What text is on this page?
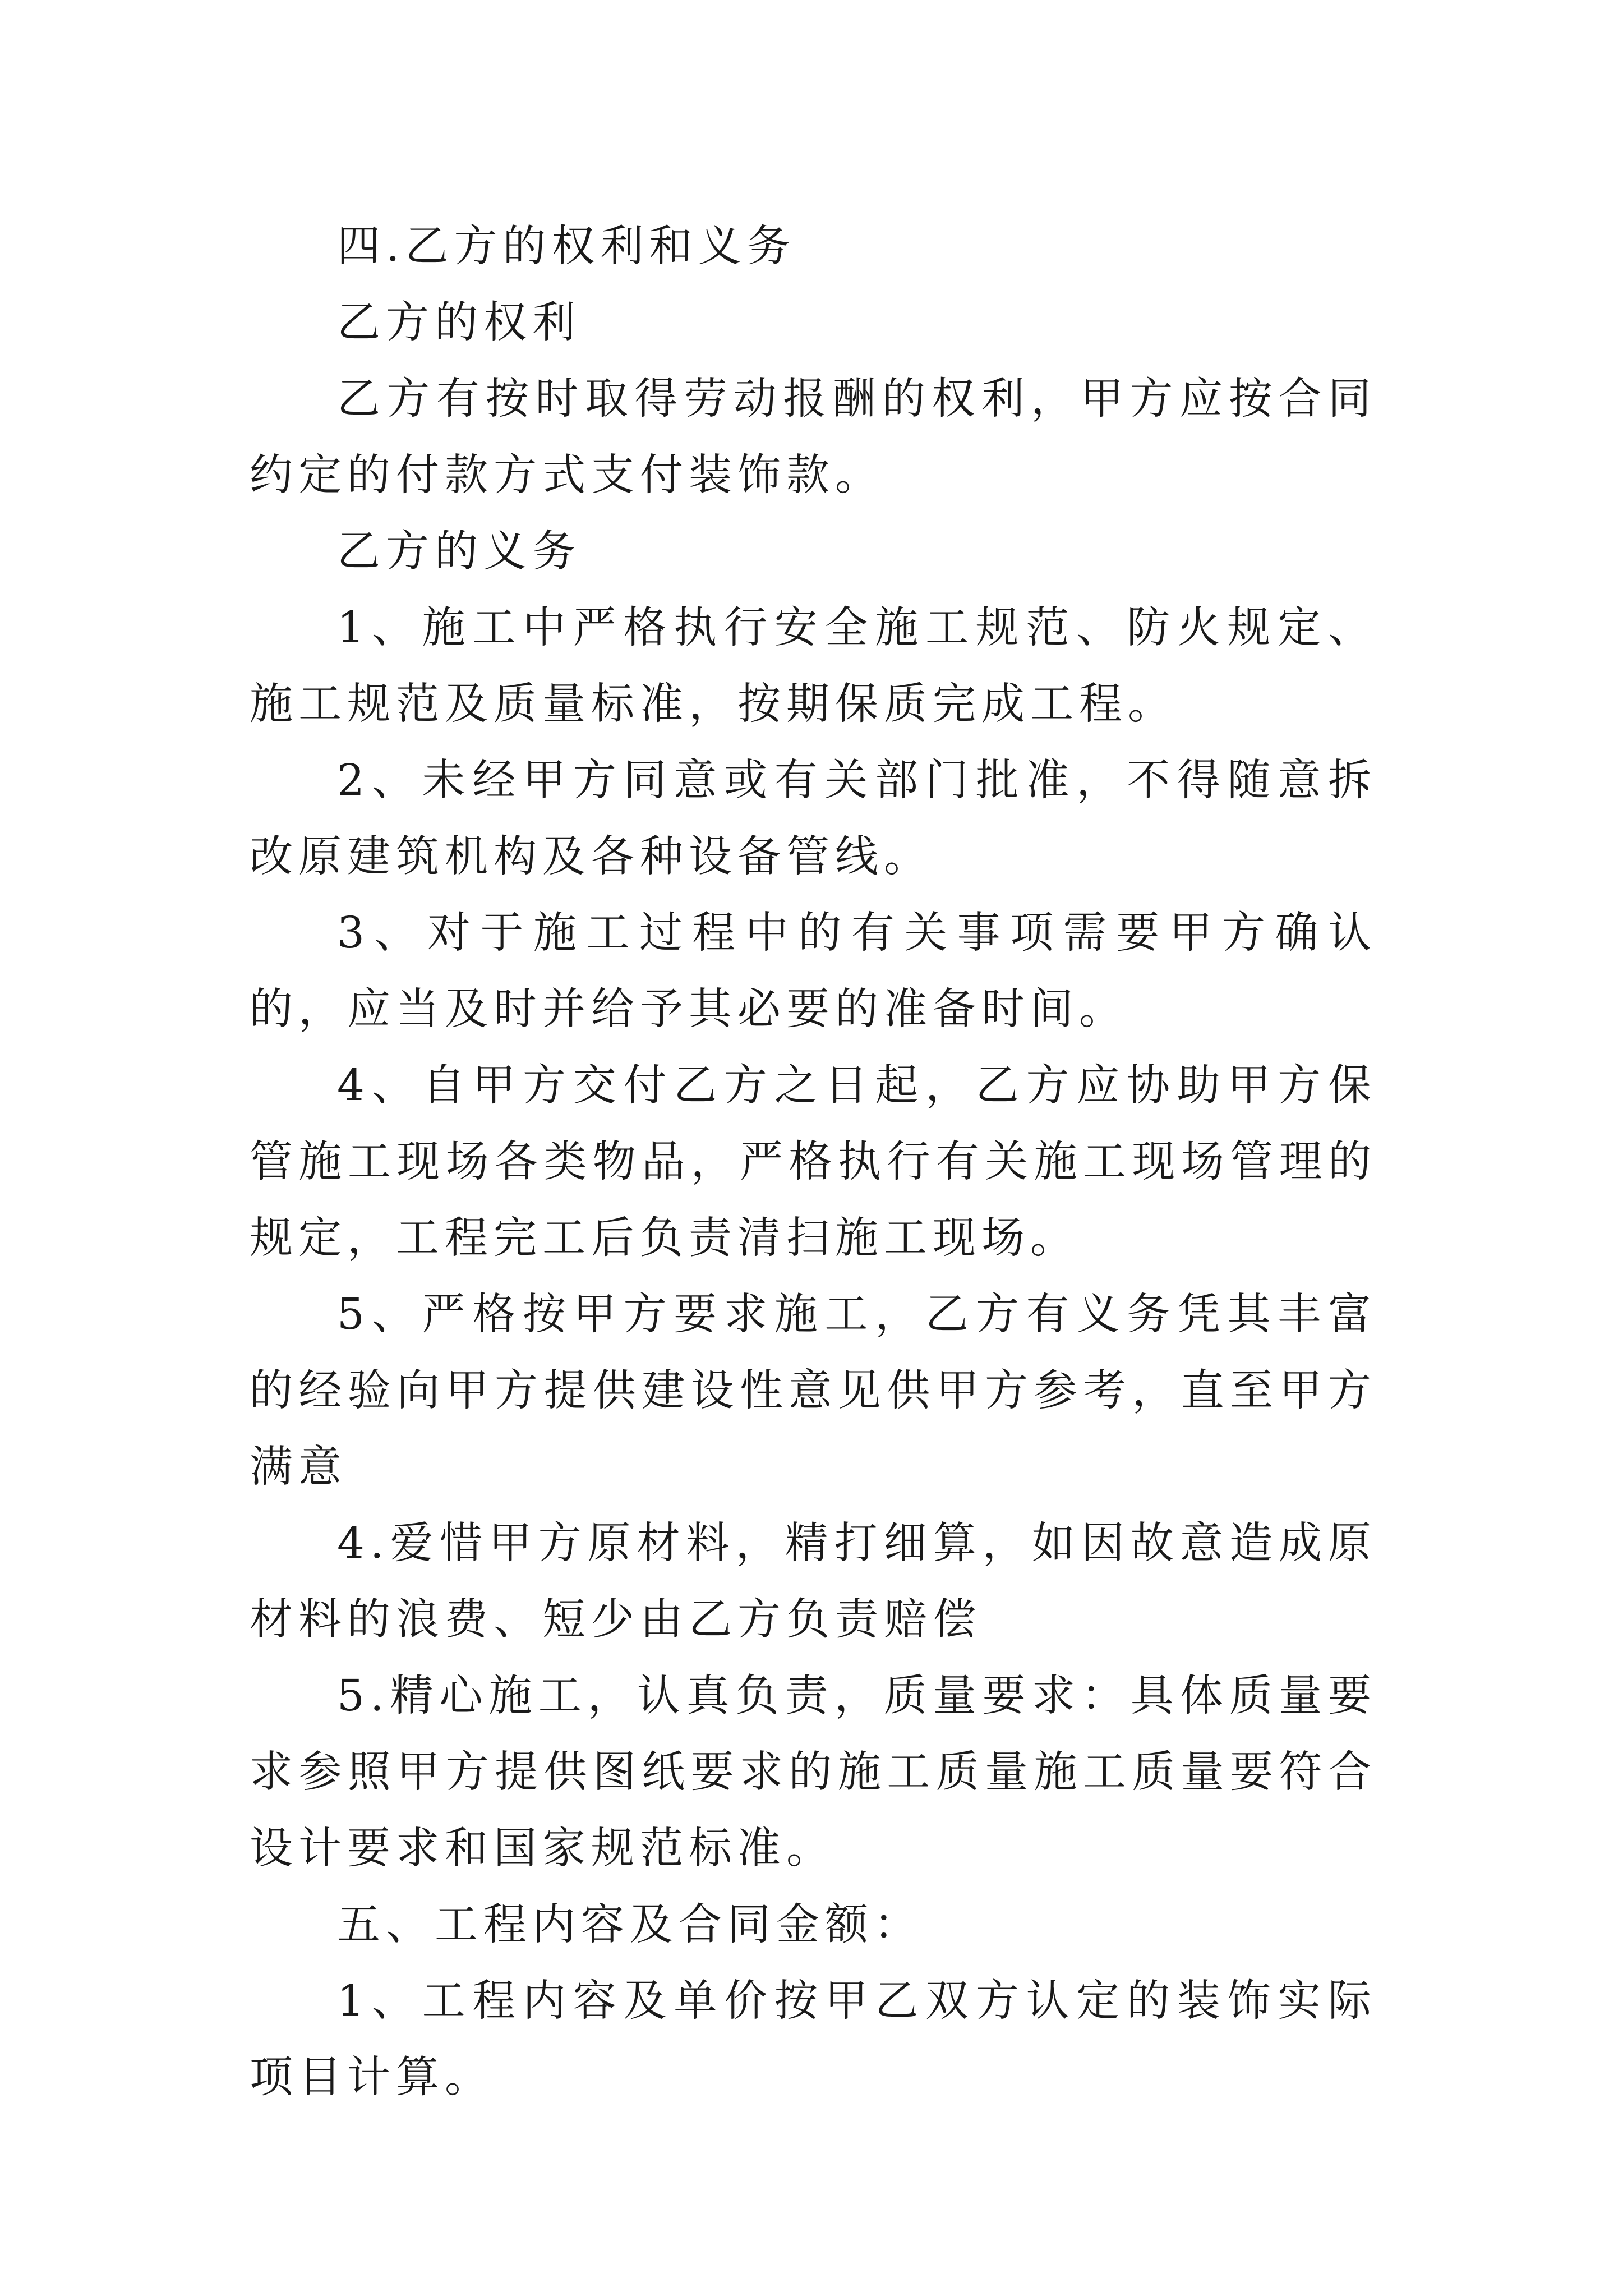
四.乙方的权利和义务

乙方的权利

乙方有按时取得劳动报酬的权利，甲方应按合同约定的付款方式支付装饰款。

乙方的义务

1、施工中严格执行安全施工规范、防火规定、施工规范及质量标准，按期保质完成工程。

2、未经甲方同意或有关部门批准，不得随意拆改原建筑机构及各种设备管线。

3、对于施工过程中的有关事项需要甲方确认的，应当及时并给予其必要的准备时间。

4、自甲方交付乙方之日起，乙方应协助甲方保管施工现场各类物品，严格执行有关施工现场管理的规定，工程完工后负责清扫施工现场。

5、严格按甲方要求施工，乙方有义务凭其丰富的经验向甲方提供建设性意见供甲方参考，直至甲方满意

4.爱惜甲方原材料，精打细算，如因故意造成原材料的浪费、短少由乙方负责赔偿

5.精心施工，认真负责，质量要求：具体质量要求参照甲方提供图纸要求的施工质量施工质量要符合设计要求和国家规范标准。

五、工程内容及合同金额：

1、工程内容及单价按甲乙双方认定的装饰实际项目计算。
